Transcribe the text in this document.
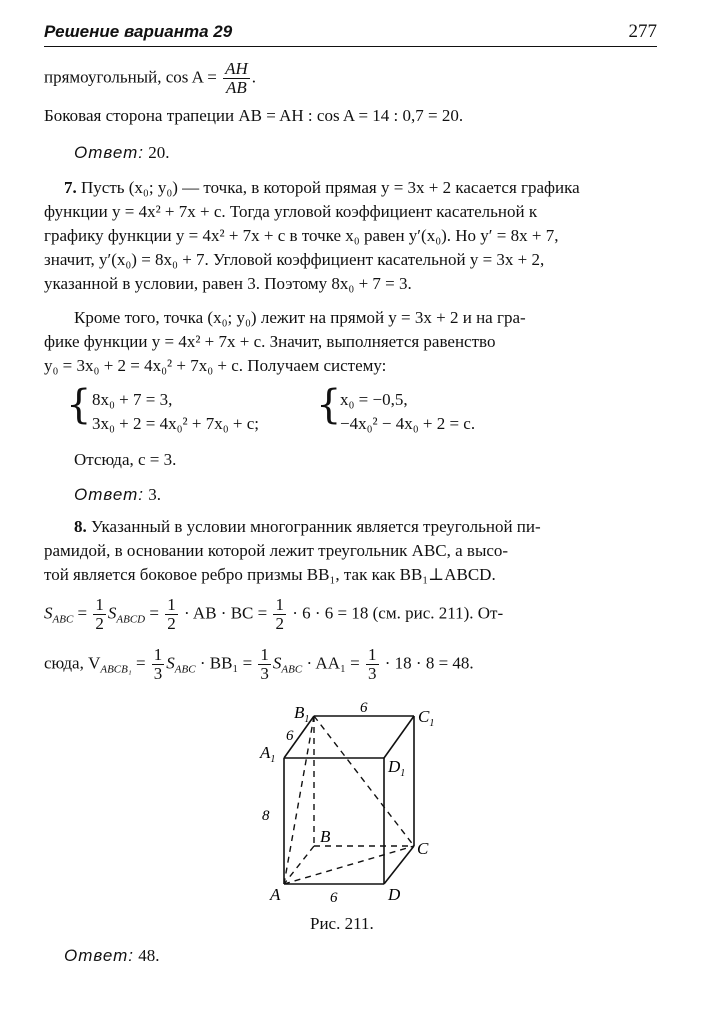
Решение варианта 29	277
прямоугольный, $\cos A = \frac{AH}{AB}$ .
Боковая сторона трапеции AB = AH : cos A = 14 : 0,7 = 20.
Ответ: 20.
7. Пусть (x₀; y₀) — точка, в которой прямая y = 3x + 2 касается графика
функции y = 4x² + 7x + c. Тогда угловой коэффициент касательной к
графику функции y = 4x² + 7x + c в точке x₀ равен y′(x₀). Но y′ = 8x + 7,
значит, y′(x₀) = 8x₀ + 7. Угловой коэффициент касательной y = 3x + 2,
указанной в условии, равен 3. Поэтому 8x₀ + 7 = 3.
Кроме того, точка (x₀; y₀) лежит на прямой y = 3x + 2 и на гра-
фике функции y = 4x² + 7x + c. Значит, выполняется равенство
y₀ = 3x₀ + 2 = 4x₀² + 7x₀ + c. Получаем систему:
{ 8x₀ + 7 = 3,
3x₀ + 2 = 4x₀² + 7x₀ + c; {
x₀ = −0,5,
−4x₀² − 4x₀ + 2 = c.
Отсюда, c = 3.
Ответ: 3.
8. Указанный в условии многогранник является треугольной пи-
рамидой, в основании которой лежит треугольник ABC, а высо-
той является боковое ребро призмы BB₁, так как BB₁⊥ABCD.
$S_{ABC} = \frac{1}{2} S_{ABCD} = \frac{1}{2}$ · AB · BC = $\frac{1}{2} \cdot 6 \cdot 6 = 18$ (см. рис. 211). От-
сюда, $V_{ABCB_1} = \frac{1}{3} S_{ABC} \cdot BB_1 = \frac{1}{3} S_{ABC} \cdot AA_1 = \frac{1}{3} \cdot 18 \cdot 8 = 48$.
$B_1$	$C_1$
$A_1$	$D_1$
B
C
A	D
6
6
8
6
Рис. 211.
Ответ: 48.
